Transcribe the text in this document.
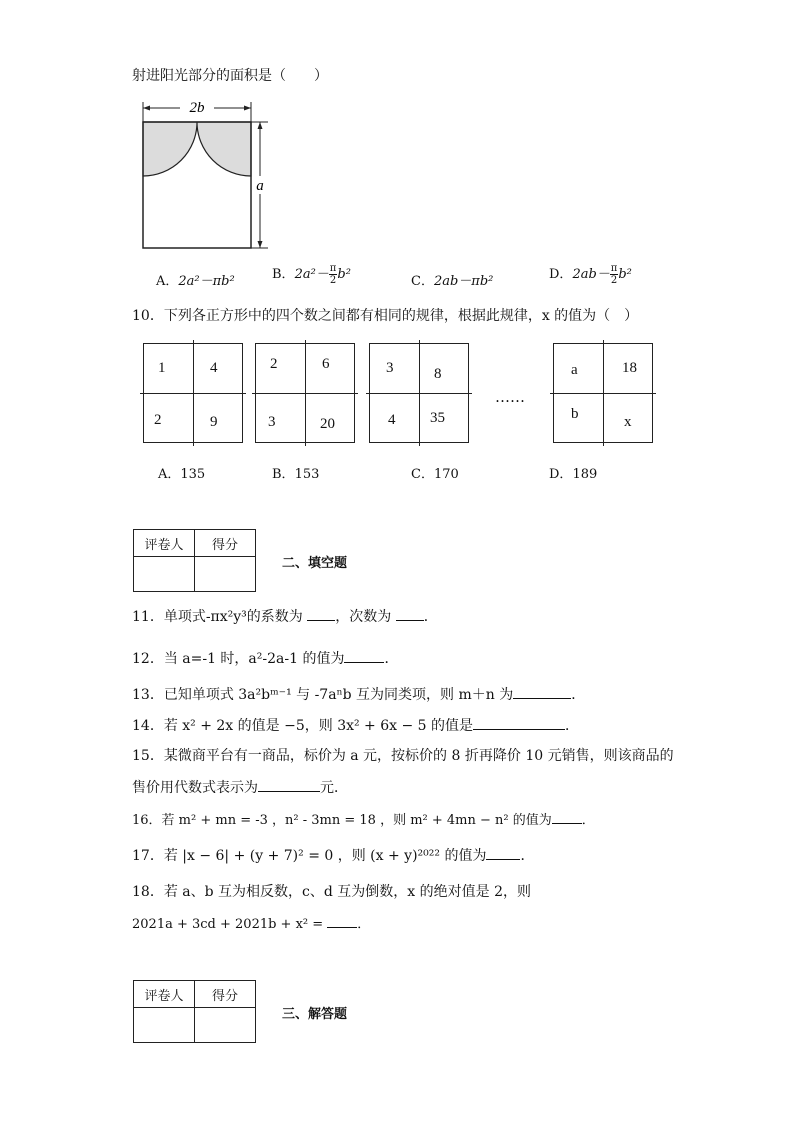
射进阳光部分的面积是（　　）
2b
a
A．2a²－πb²	B．$2a^2- \frac{\pi}{2} b^2$	C．2ab－πb²	D．$2ab- \frac{\pi}{2} b^2$
10．下列各正方形中的四个数之间都有相同的规律，根据此规律，x 的值为（　）
1	4
2	9
2	6
3	20
3	8
4 35
……
a	18
b	x
A．135	B．153	C．170	D．189
评卷人	得分

二、填空题
11．单项式-πx²y³的系数为 ，次数为 ．
12．当 a=-1 时，a²-2a-1 的值为	．
13．已知单项式 3a²bᵐ⁻¹ 与 -7aⁿb 互为同类项，则 m＋n 为	．
14．若 x² + 2x 的值是 −5，则 3x² + 6x − 5 的值是	．
15．某微商平台有一商品，标价为 a 元，按标价的 8 折再降价 10 元销售，则该商品的
售价用代数式表示为	元．
16．若 m² + mn = -3 ，n² - 3mn = 18 ，则 m² + 4mn − n² 的值为 ．
17．若 |x − 6| + (y + 7)² = 0 ，则 (x + y)²⁰²² 的值为 ．
18．若 a、b 互为相反数，c、d 互为倒数，x 的绝对值是 2，则
2021a + 3cd + 2021b + x² = ．
评卷人	得分

三、解答题
